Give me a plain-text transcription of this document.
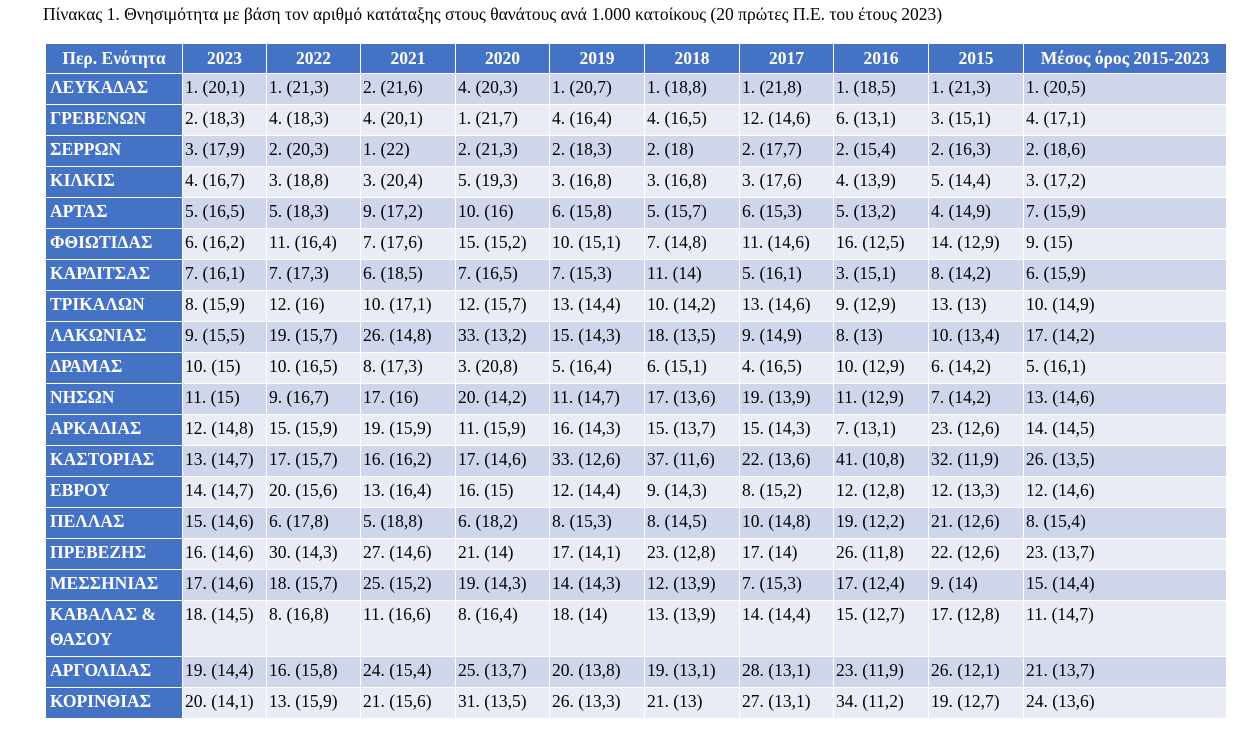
Πίνακας 1. Θνησιμότητα με βάση τον αριθμό κατάταξης στους θανάτους ανά 1.000 κατοίκους (20 πρώτες Π.Ε. του έτους 2023)
Περ. Ενότητα	2023	2022	2021	2020	2019	2018	2017	2016	2015	Μέσος όρος 2015-2023
ΛΕΥΚΑΔΑΣ	1. (20,1)	1. (21,3)	2. (21,6)	4. (20,3)	1. (20,7)	1. (18,8)	1. (21,8)	1. (18,5)	1. (21,3)	1. (20,5)
ΓΡΕΒΕΝΩΝ	2. (18,3)	4. (18,3)	4. (20,1)	1. (21,7)	4. (16,4)	4. (16,5)	12. (14,6)	6. (13,1)	3. (15,1)	4. (17,1)
ΣΕΡΡΩΝ	3. (17,9)	2. (20,3)	1. (22)	2. (21,3)	2. (18,3)	2. (18)	2. (17,7)	2. (15,4)	2. (16,3)	2. (18,6)
ΚΙΛΚΙΣ	4. (16,7)	3. (18,8)	3. (20,4)	5. (19,3)	3. (16,8)	3. (16,8)	3. (17,6)	4. (13,9)	5. (14,4)	3. (17,2)
ΑΡΤΑΣ	5. (16,5)	5. (18,3)	9. (17,2)	10. (16)	6. (15,8)	5. (15,7)	6. (15,3)	5. (13,2)	4. (14,9)	7. (15,9)
ΦΘΙΩΤΙΔΑΣ	6. (16,2)	11. (16,4)	7. (17,6)	15. (15,2)	10. (15,1)	7. (14,8)	11. (14,6)	16. (12,5)	14. (12,9)	9. (15)
ΚΑΡΔΙΤΣΑΣ	7. (16,1)	7. (17,3)	6. (18,5)	7. (16,5)	7. (15,3)	11. (14)	5. (16,1)	3. (15,1)	8. (14,2)	6. (15,9)
ΤΡΙΚΑΛΩΝ	8. (15,9)	12. (16)	10. (17,1)	12. (15,7)	13. (14,4)	10. (14,2)	13. (14,6)	9. (12,9)	13. (13)	10. (14,9)
ΛΑΚΩΝΙΑΣ	9. (15,5)	19. (15,7)	26. (14,8)	33. (13,2)	15. (14,3)	18. (13,5)	9. (14,9)	8. (13)	10. (13,4)	17. (14,2)
ΔΡΑΜΑΣ	10. (15)	10. (16,5)	8. (17,3)	3. (20,8)	5. (16,4)	6. (15,1)	4. (16,5)	10. (12,9)	6. (14,2)	5. (16,1)
ΝΗΣΩΝ	11. (15)	9. (16,7)	17. (16)	20. (14,2)	11. (14,7)	17. (13,6)	19. (13,9)	11. (12,9)	7. (14,2)	13. (14,6)
ΑΡΚΑΔΙΑΣ	12. (14,8)	15. (15,9)	19. (15,9)	11. (15,9)	16. (14,3)	15. (13,7)	15. (14,3)	7. (13,1)	23. (12,6)	14. (14,5)
ΚΑΣΤΟΡΙΑΣ	13. (14,7)	17. (15,7)	16. (16,2)	17. (14,6)	33. (12,6)	37. (11,6)	22. (13,6)	41. (10,8)	32. (11,9)	26. (13,5)
ΕΒΡΟΥ	14. (14,7)	20. (15,6)	13. (16,4)	16. (15)	12. (14,4)	9. (14,3)	8. (15,2)	12. (12,8)	12. (13,3)	12. (14,6)
ΠΕΛΛΑΣ	15. (14,6)	6. (17,8)	5. (18,8)	6. (18,2)	8. (15,3)	8. (14,5)	10. (14,8)	19. (12,2)	21. (12,6)	8. (15,4)
ΠΡΕΒΕΖΗΣ	16. (14,6)	30. (14,3)	27. (14,6)	21. (14)	17. (14,1)	23. (12,8)	17. (14)	26. (11,8)	22. (12,6)	23. (13,7)
ΜΕΣΣΗΝΙΑΣ	17. (14,6)	18. (15,7)	25. (15,2)	19. (14,3)	14. (14,3)	12. (13,9)	7. (15,3)	17. (12,4)	9. (14)	15. (14,4)
ΚΑΒΑΛΑΣ & ΘΑΣΟΥ	18. (14,5)	8. (16,8)	11. (16,6)	8. (16,4)	18. (14)	13. (13,9)	14. (14,4)	15. (12,7)	17. (12,8)	11. (14,7)
ΑΡΓΟΛΙΔΑΣ	19. (14,4)	16. (15,8)	24. (15,4)	25. (13,7)	20. (13,8)	19. (13,1)	28. (13,1)	23. (11,9)	26. (12,1)	21. (13,7)
ΚΟΡΙΝΘΙΑΣ	20. (14,1)	13. (15,9)	21. (15,6)	31. (13,5)	26. (13,3)	21. (13)	27. (13,1)	34. (11,2)	19. (12,7)	24. (13,6)
